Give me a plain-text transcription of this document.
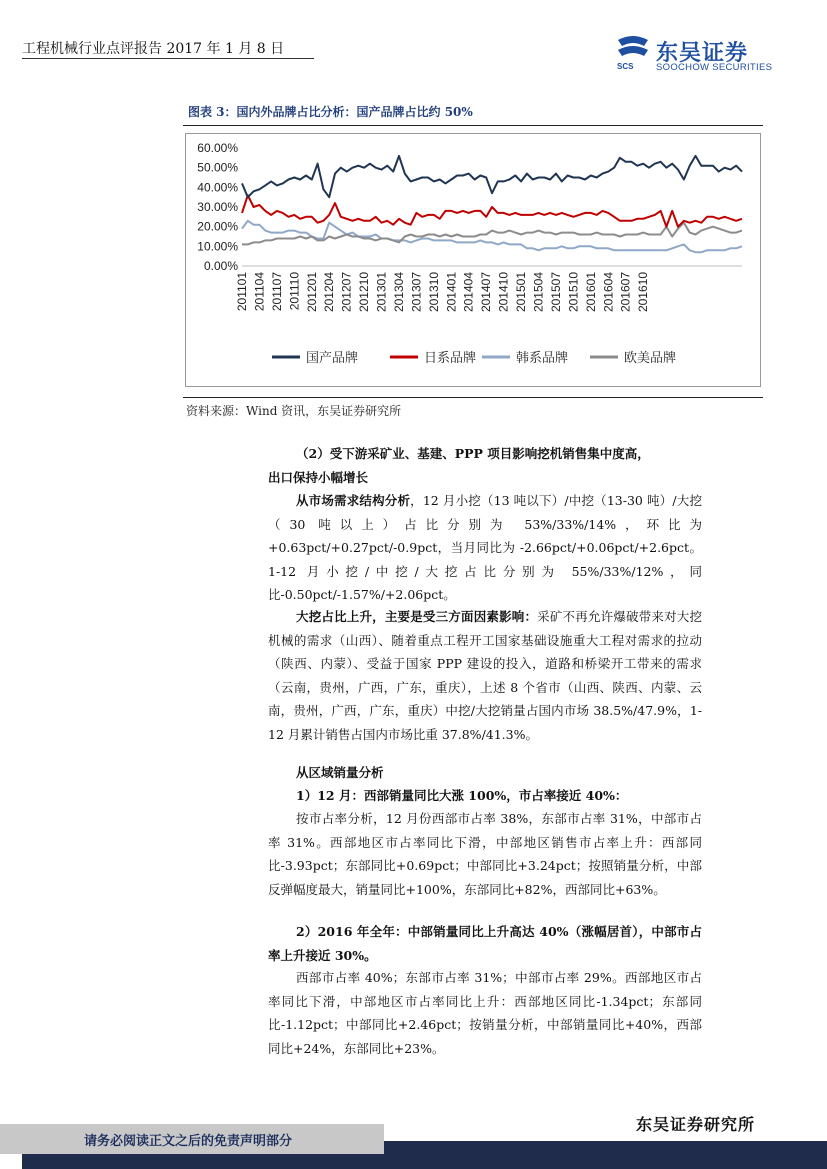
工程机械行业点评报告 2017 年 1 月 8 日
SCS
东吴证券
SOOCHOW SECURITIES
图表 3：国内外品牌占比分析：国产品牌占比约 50%
60.00%
50.00%
40.00%
30.00%
20.00%
10.00%
0.00%
201101 201104 201107 201110 201201 201204 201207 201210 201301 201304 201307 201310 201401 201404 201407 201410 201501 201504 201507 201510 201601 201604 201607 201610
国产品牌	日系品牌	韩系品牌	欧美品牌
资料来源：Wind 资讯，东吴证券研究所
（2）受下游采矿业、基建、PPP 项目影响挖机销售集中度高，
出口保持小幅增长
从市场需求结构分析，12 月小挖（13 吨以下）/中挖（13-30 吨）/大挖（30 吨以上）占比分别为 53%/33%/14%，环比为 +0.63pct/+0.27pct/-0.9pct，当月同比为 -2.66pct/+0.06pct/+2.6pct。1-12 月小挖/中挖/大挖占比分别为 55%/33%/12%，同比-0.50pct/-1.57%/+2.06pct。
大挖占比上升，主要是受三方面因素影响：采矿不再允许爆破带来对大挖机械的需求（山西）、随着重点工程开工国家基础设施重大工程对需求的拉动（陕西、内蒙）、受益于国家 PPP 建设的投入，道路和桥梁开工带来的需求（云南，贵州，广西，广东，重庆），上述 8 个省市（山西、陕西、内蒙、云南，贵州，广西，广东，重庆）中挖/大挖销量占国内市场 38.5%/47.9%，1-12 月累计销售占国内市场比重 37.8%/41.3%。
从区域销量分析
1）12 月：西部销量同比大涨 100%，市占率接近 40%：
按市占率分析，12 月份西部市占率 38%，东部市占率 31%，中部市占率 31%。西部地区市占率同比下滑，中部地区销售市占率上升：西部同比-3.93pct；东部同比+0.69pct；中部同比+3.24pct；按照销量分析，中部反弹幅度最大，销量同比+100%，东部同比+82%，西部同比+63%。
2）2016 年全年：中部销量同比上升高达 40%（涨幅居首），中部市占率上升接近 30%。
西部市占率 40%；东部市占率 31%；中部市占率 29%。西部地区市占率同比下滑，中部地区市占率同比上升：西部地区同比-1.34pct；东部同比-1.12pct；中部同比+2.46pct；按销量分析，中部销量同比+40%，西部同比+24%，东部同比+23%。
东吴证券研究所
请务必阅读正文之后的免责声明部分
